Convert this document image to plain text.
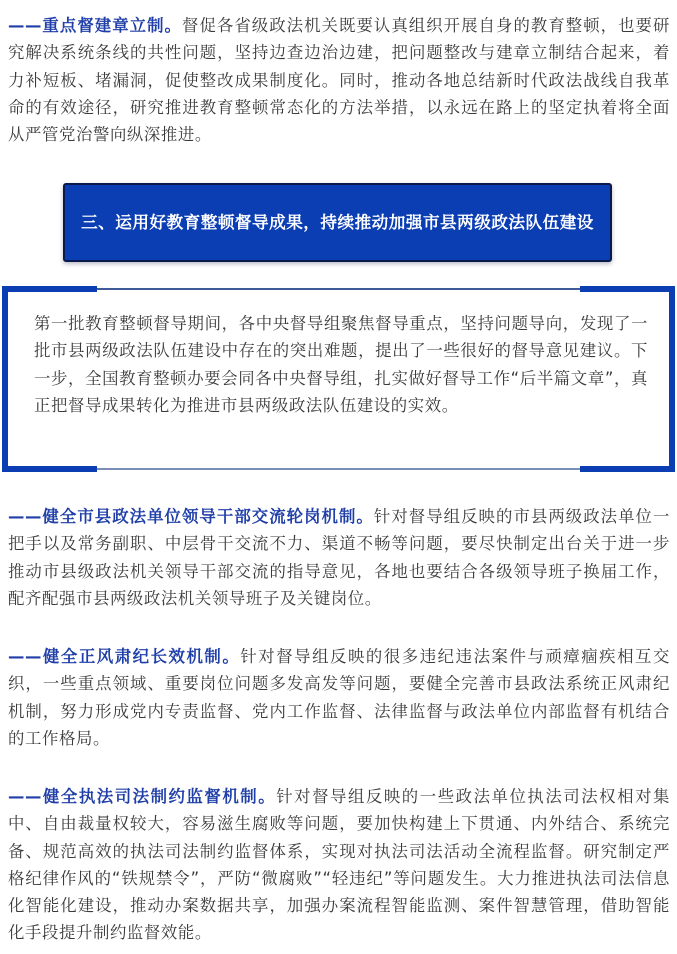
——重点督建章立制。督促各省级政法机关既要认真组织开展自身的教育整顿，也要研究解决系统条线的共性问题，坚持边查边治边建，把问题整改与建章立制结合起来，着力补短板、堵漏洞，促使整改成果制度化。同时，推动各地总结新时代政法战线自我革命的有效途径，研究推进教育整顿常态化的方法举措，以永远在路上的坚定执着将全面从严管党治警向纵深推进。

三、运用好教育整顿督导成果，持续推动加强市县两级政法队伍建设

第一批教育整顿督导期间，各中央督导组聚焦督导重点，坚持问题导向，发现了一批市县两级政法队伍建设中存在的突出难题，提出了一些很好的督导意见建议。下一步，全国教育整顿办要会同各中央督导组，扎实做好督导工作“后半篇文章”，真正把督导成果转化为推进市县两级政法队伍建设的实效。

——健全市县政法单位领导干部交流轮岗机制。针对督导组反映的市县两级政法单位一把手以及常务副职、中层骨干交流不力、渠道不畅等问题，要尽快制定出台关于进一步推动市县级政法机关领导干部交流的指导意见，各地也要结合各级领导班子换届工作，配齐配强市县两级政法机关领导班子及关键岗位。

——健全正风肃纪长效机制。针对督导组反映的很多违纪违法案件与顽瘴痼疾相互交织，一些重点领域、重要岗位问题多发高发等问题，要健全完善市县政法系统正风肃纪机制，努力形成党内专责监督、党内工作监督、法律监督与政法单位内部监督有机结合的工作格局。

——健全执法司法制约监督机制。针对督导组反映的一些政法单位执法司法权相对集中、自由裁量权较大，容易滋生腐败等问题，要加快构建上下贯通、内外结合、系统完备、规范高效的执法司法制约监督体系，实现对执法司法活动全流程监督。研究制定严格纪律作风的“铁规禁令”，严防“微腐败”“轻违纪”等问题发生。大力推进执法司法信息化智能化建设，推动办案数据共享，加强办案流程智能监测、案件智慧管理，借助智能化手段提升制约监督效能。
